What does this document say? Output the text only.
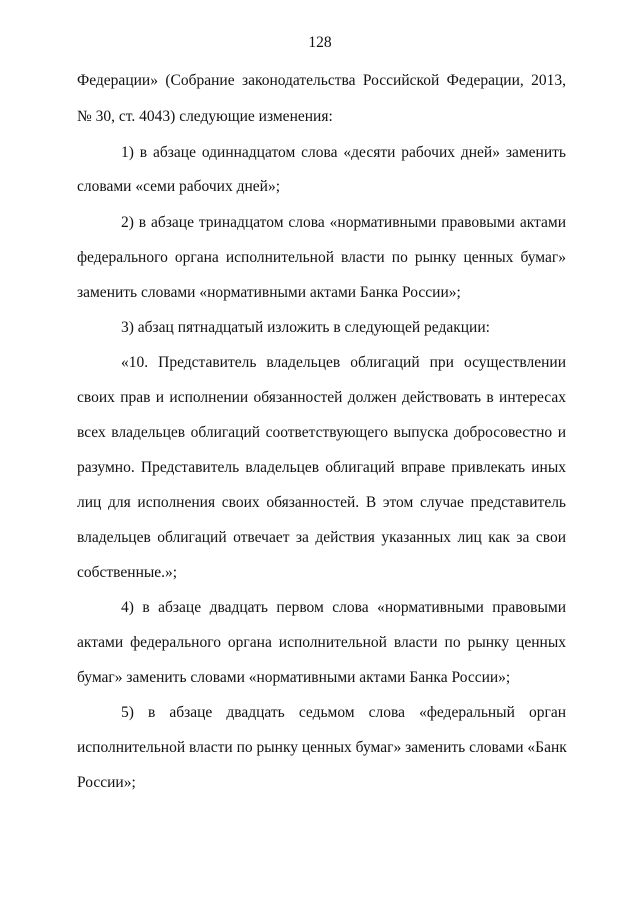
128
Федерации» (Собрание законодательства Российской Федерации, 2013,
№ 30, ст. 4043) следующие изменения:
1) в абзаце одиннадцатом слова «десяти рабочих дней» заменить
словами «семи рабочих дней»;
2) в абзаце тринадцатом слова «нормативными правовыми актами
федерального органа исполнительной власти по рынку ценных бумаг»
заменить словами «нормативными актами Банка России»;
3) абзац пятнадцатый изложить в следующей редакции:
«10. Представитель владельцев облигаций при осуществлении
своих прав и исполнении обязанностей должен действовать в интересах
всех владельцев облигаций соответствующего выпуска добросовестно и
разумно. Представитель владельцев облигаций вправе привлекать иных
лиц для исполнения своих обязанностей. В этом случае представитель
владельцев облигаций отвечает за действия указанных лиц как за свои
собственные.»;
4) в абзаце двадцать первом слова «нормативными правовыми
актами федерального органа исполнительной власти по рынку ценных
бумаг» заменить словами «нормативными актами Банка России»;
5) в абзаце двадцать седьмом слова «федеральный орган
исполнительной власти по рынку ценных бумаг» заменить словами «Банк
России»;
